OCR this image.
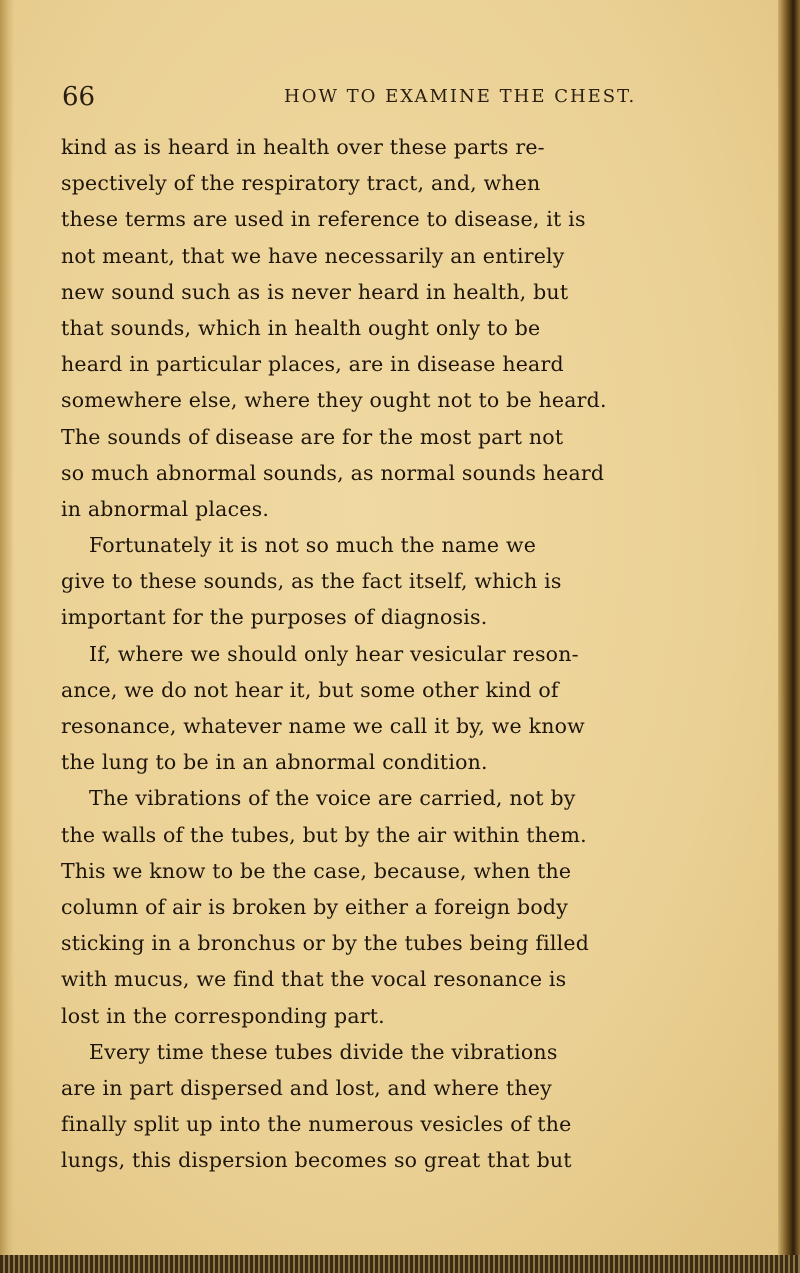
66	HOW TO EXAMINE THE CHEST.
kind as is heard in health over these parts re-
spectively of the respiratory tract, and, when
these terms are used in reference to disease, it is
not meant, that we have necessarily an entirely
new sound such as is never heard in health, but
that sounds, which in health ought only to be
heard in particular places, are in disease heard
somewhere else, where they ought not to be heard.
The sounds of disease are for the most part not
so much abnormal sounds, as normal sounds heard
in abnormal places.
Fortunately it is not so much the name we
give to these sounds, as the fact itself, which is
important for the purposes of diagnosis.
If, where we should only hear vesicular reson-
ance, we do not hear it, but some other kind of
resonance, whatever name we call it by, we know
the lung to be in an abnormal condition.
The vibrations of the voice are carried, not by
the walls of the tubes, but by the air within them.
This we know to be the case, because, when the
column of air is broken by either a foreign body
sticking in a bronchus or by the tubes being filled
with mucus, we find that the vocal resonance is
lost in the corresponding part.
Every time these tubes divide the vibrations
are in part dispersed and lost, and where they
finally split up into the numerous vesicles of the
lungs, this dispersion becomes so great that but
